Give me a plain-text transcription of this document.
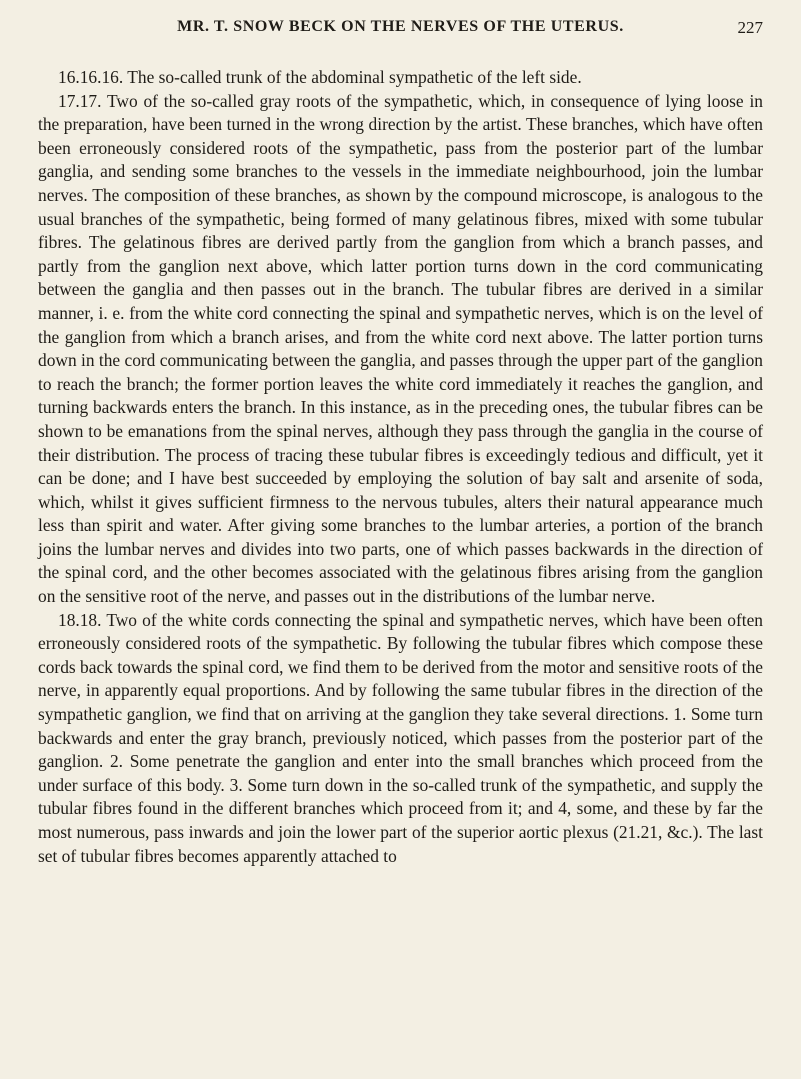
MR. T. SNOW BECK ON THE NERVES OF THE UTERUS.	227

16.16.16. The so-called trunk of the abdominal sympathetic of the left side.

17.17. Two of the so-called gray roots of the sympathetic, which, in consequence of lying loose in the preparation, have been turned in the wrong direction by the artist. These branches, which have often been erroneously considered roots of the sympathetic, pass from the posterior part of the lumbar ganglia, and sending some branches to the vessels in the immediate neighbourhood, join the lumbar nerves. The composition of these branches, as shown by the compound microscope, is analogous to the usual branches of the sympathetic, being formed of many gelatinous fibres, mixed with some tubular fibres. The gelatinous fibres are derived partly from the ganglion from which a branch passes, and partly from the ganglion next above, which latter portion turns down in the cord communicating between the ganglia and then passes out in the branch. The tubular fibres are derived in a similar manner, i. e. from the white cord connecting the spinal and sympathetic nerves, which is on the level of the ganglion from which a branch arises, and from the white cord next above. The latter portion turns down in the cord communicating between the ganglia, and passes through the upper part of the ganglion to reach the branch; the former portion leaves the white cord immediately it reaches the ganglion, and turning backwards enters the branch. In this instance, as in the preceding ones, the tubular fibres can be shown to be emanations from the spinal nerves, although they pass through the ganglia in the course of their distribution. The process of tracing these tubular fibres is exceedingly tedious and difficult, yet it can be done; and I have best succeeded by employing the solution of bay salt and arsenite of soda, which, whilst it gives sufficient firmness to the nervous tubules, alters their natural appearance much less than spirit and water. After giving some branches to the lumbar arteries, a portion of the branch joins the lumbar nerves and divides into two parts, one of which passes backwards in the direction of the spinal cord, and the other becomes associated with the gelatinous fibres arising from the ganglion on the sensitive root of the nerve, and passes out in the distributions of the lumbar nerve.

18.18. Two of the white cords connecting the spinal and sympathetic nerves, which have been often erroneously considered roots of the sympathetic. By following the tubular fibres which compose these cords back towards the spinal cord, we find them to be derived from the motor and sensitive roots of the nerve, in apparently equal proportions. And by following the same tubular fibres in the direction of the sympathetic ganglion, we find that on arriving at the ganglion they take several directions. 1. Some turn backwards and enter the gray branch, previously noticed, which passes from the posterior part of the ganglion. 2. Some penetrate the ganglion and enter into the small branches which proceed from the under surface of this body. 3. Some turn down in the so-called trunk of the sympathetic, and supply the tubular fibres found in the different branches which proceed from it; and 4, some, and these by far the most numerous, pass inwards and join the lower part of the superior aortic plexus (21.21, &c.). The last set of tubular fibres becomes apparently attached to
